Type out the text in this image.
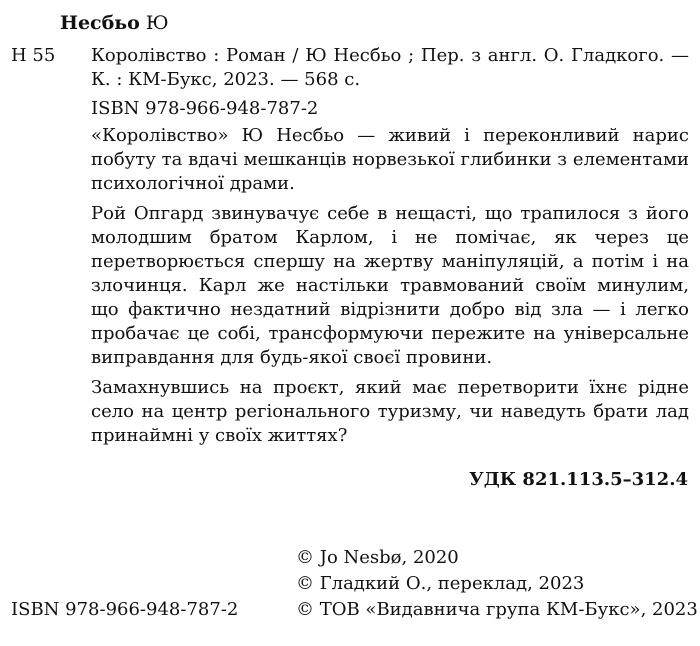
Несбьо Ю
Н 55 Королівство : Роман / Ю Несбьо ; Пер. з англ. О. Гладкого. — К. : КМ-Букс, 2023. — 568 с.
ISBN 978-966-948-787-2

«Королівство» Ю Несбьо — живий і переконливий нарис побуту та вдачі мешканців норвезької глибинки з елементами психологічної драми.

Рой Опгард звинувачує себе в нещасті, що трапилося з його молодшим братом Карлом, і не помічає, як через це перетворюється спершу на жертву маніпуляцій, а потім і на злочинця. Карл же настільки травмований своїм минулим, що фактично нездатний відрізнити добро від зла — і легко пробачає це собі, трансформуючи пережите на універсальне виправдання для будь-якої своєї провини.

Замахнувшись на проєкт, який має перетворити їхнє рідне село на центр регіонального туризму, чи наведуть брати лад принаймні у своїх життях?

УДК 821.113.5–312.4
© Jo Nesbø, 2020
© Гладкий О., переклад, 2023
© ТОВ «Видавнича група КМ-Букс», 2023
ISBN 978-966-948-787-2
